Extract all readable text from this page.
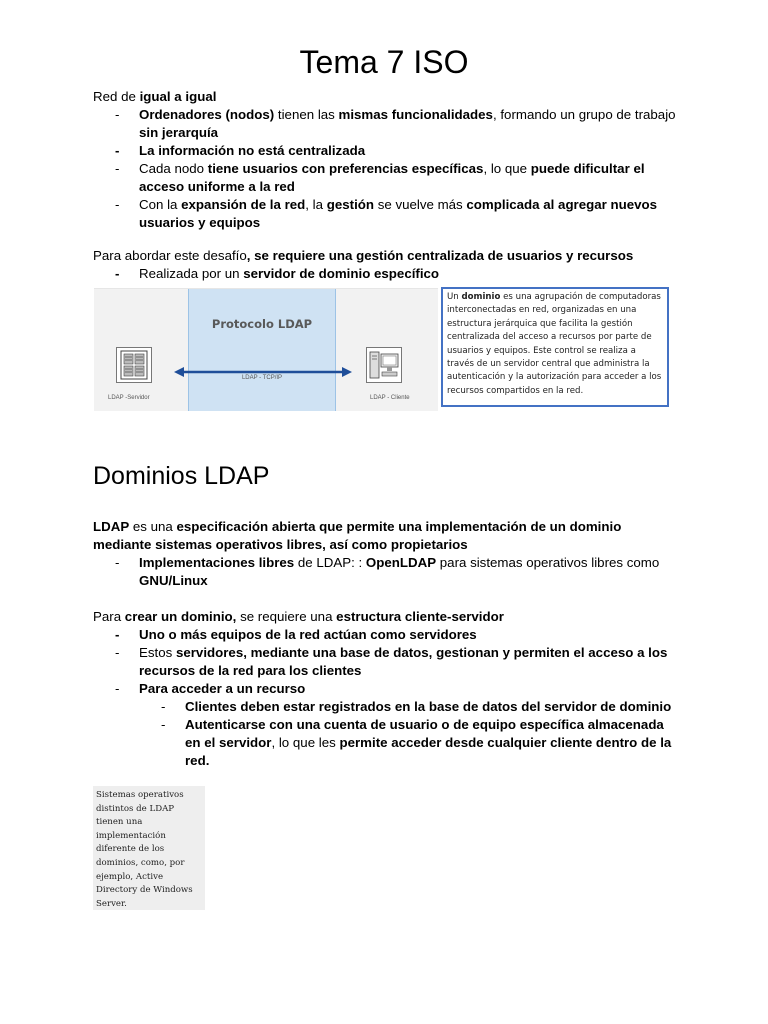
Tema 7 ISO

Red de igual a igual

-	Ordenadores (nodos) tienen las mismas funcionalidades, formando un grupo de trabajo sin jerarquía
-	La información no está centralizada
-	Cada nodo tiene usuarios con preferencias específicas, lo que puede dificultar el acceso uniforme a la red
-	Con la expansión de la red, la gestión se vuelve más complicada al agregar nuevos usuarios y equipos

Para abordar este desafío, se requiere una gestión centralizada de usuarios y recursos

-	Realizada por un servidor de dominio específico
Protocolo LDAP
LDAP - TCP/IP
LDAP -Servidor	LDAP - Cliente
Un dominio es una agrupación de computadoras interconectadas en red, organizadas en una estructura jerárquica que facilita la gestión centralizada del acceso a recursos por parte de usuarios y equipos. Este control se realiza a través de un servidor central que administra la autenticación y la autorización para acceder a los recursos compartidos en la red.
Dominios LDAP

LDAP es una especificación abierta que permite una implementación de un dominio mediante sistemas operativos libres, así como propietarios

-	Implementaciones libres de LDAP: : OpenLDAP para sistemas operativos libres como GNU/Linux

Para crear un dominio, se requiere una estructura cliente-servidor

-	Uno o más equipos de la red actúan como servidores
-	Estos servidores, mediante una base de datos, gestionan y permiten el acceso a los recursos de la red para los clientes
-	Para acceder a un recurso
-	Clientes deben estar registrados en la base de datos del servidor de dominio
-	Autenticarse con una cuenta de usuario o de equipo específica almacenada en el servidor, lo que les permite acceder desde cualquier cliente dentro de la red.
Sistemas operativos distintos de LDAP tienen una implementación diferente de los dominios, como, por ejemplo, Active Directory de Windows Server.
